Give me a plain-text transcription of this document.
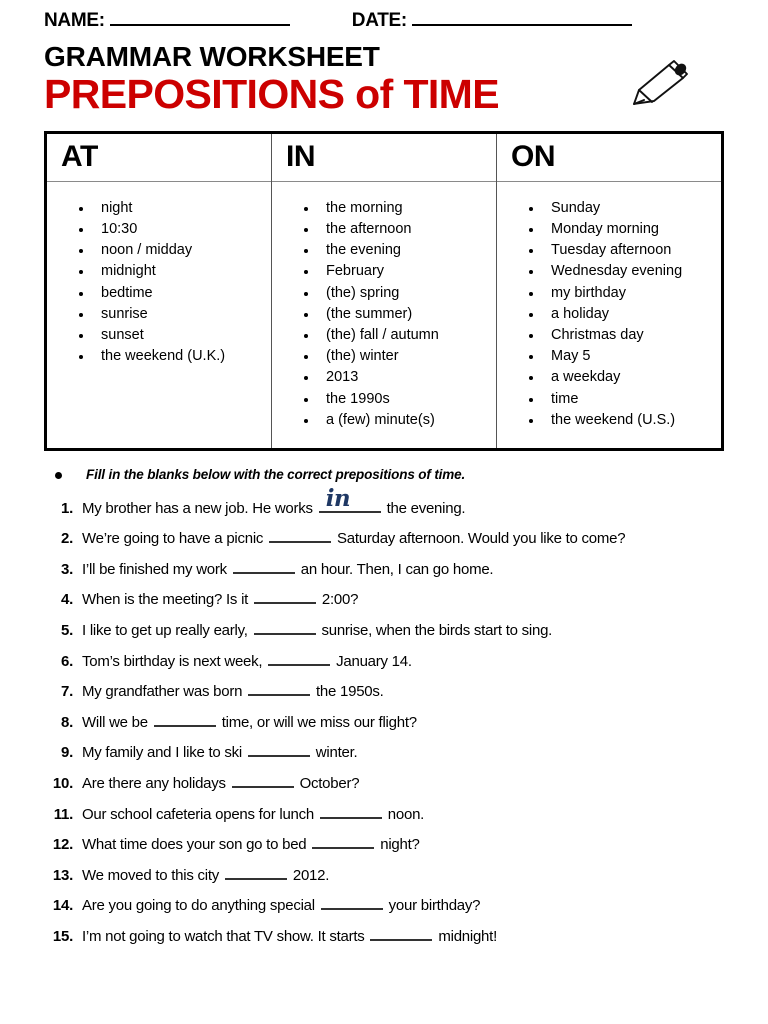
NAME:	DATE:
GRAMMAR WORKSHEET
PREPOSITIONS of TIME
AT
night
10:30
noon / midday
midnight
bedtime
sunrise
sunset
the weekend (U.K.)
IN
the morning
the afternoon
the evening
February
(the) spring
(the summer)
(the) fall / autumn
(the) winter
2013
the 1990s
a (few) minute(s)
ON
Sunday
Monday morning
Tuesday afternoon
Wednesday evening
my birthday
a holiday
Christmas day
May 5
a weekday
time
the weekend (U.S.)
Fill in the blanks below with the correct prepositions of time.
1. My brother has a new job. He works in the evening.
2. We’re going to have a picnic	Saturday afternoon. Would you like to come?
3. I’ll be finished my work	an hour. Then, I can go home.
4. When is the meeting? Is it	2:00?
5. I like to get up really early,	sunrise, when the birds start to sing.
6. Tom’s birthday is next week,	January 14.
7. My grandfather was born	the 1950s.
8. Will we be	time, or will we miss our flight?
9. My family and I like to ski	winter.
10. Are there any holidays	October?
11. Our school cafeteria opens for lunch	noon.
12. What time does your son go to bed	night?
13. We moved to this city	2012.
14. Are you going to do anything special	your birthday?
15. I’m not going to watch that TV show. It starts	midnight!
